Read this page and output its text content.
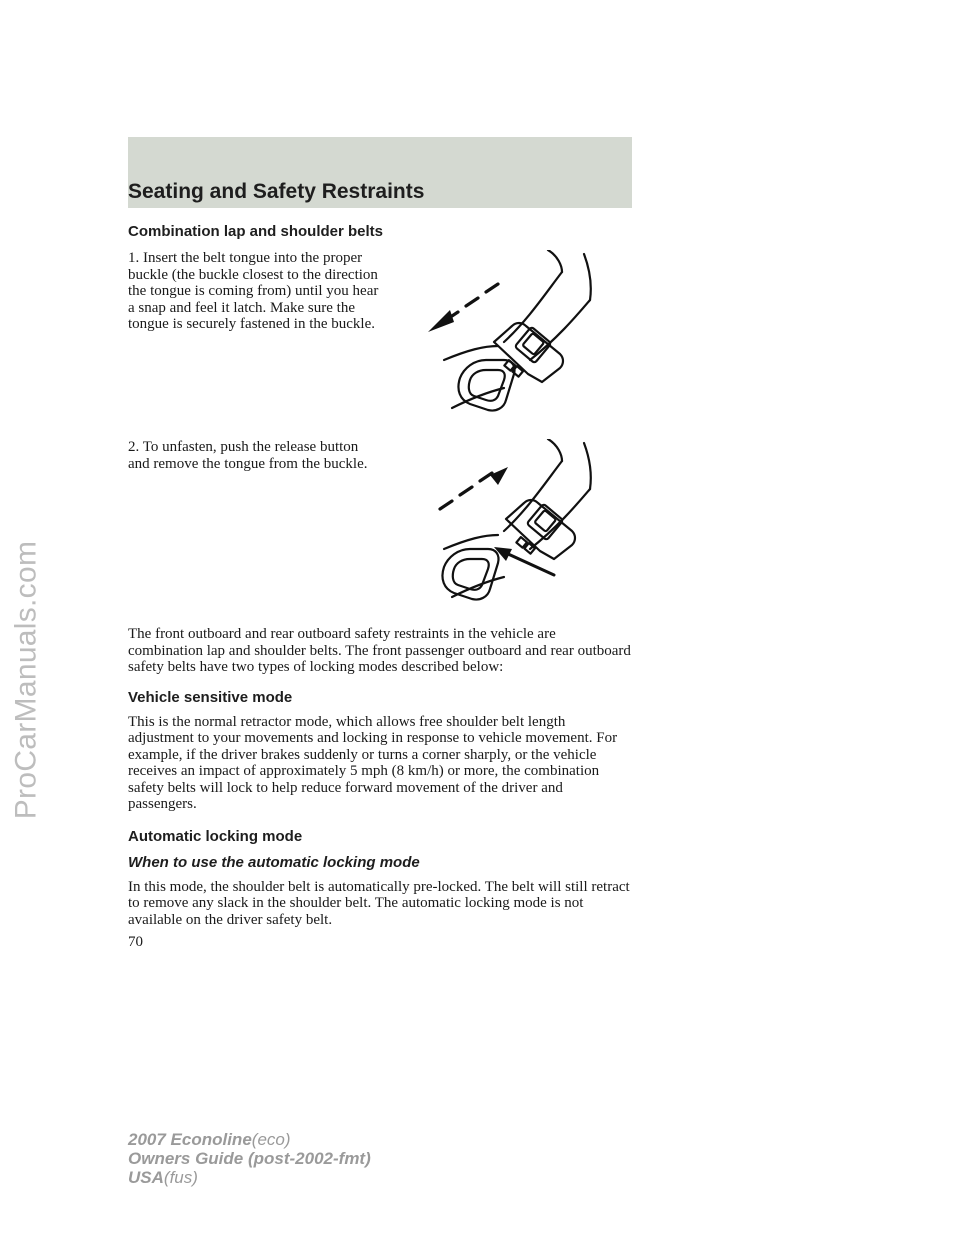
ProCarManuals.com
Seating and Safety Restraints
Combination lap and shoulder belts

1. Insert the belt tongue into the proper buckle (the buckle closest to the direction the tongue is coming from) until you hear a snap and feel it latch. Make sure the tongue is securely fastened in the buckle.

2. To unfasten, push the release button and remove the tongue from the buckle.

The front outboard and rear outboard safety restraints in the vehicle are combination lap and shoulder belts. The front passenger outboard and rear outboard safety belts have two types of locking modes described below:

Vehicle sensitive mode

This is the normal retractor mode, which allows free shoulder belt length adjustment to your movements and locking in response to vehicle movement. For example, if the driver brakes suddenly or turns a corner sharply, or the vehicle receives an impact of approximately 5 mph (8 km/h) or more, the combination safety belts will lock to help reduce forward movement of the driver and passengers.

Automatic locking mode
When to use the automatic locking mode

In this mode, the shoulder belt is automatically pre-locked. The belt will still retract to remove any slack in the shoulder belt. The automatic locking mode is not available on the driver safety belt.

70
2007 Econoline(eco)
Owners Guide (post-2002-fmt)
USA(fus)
